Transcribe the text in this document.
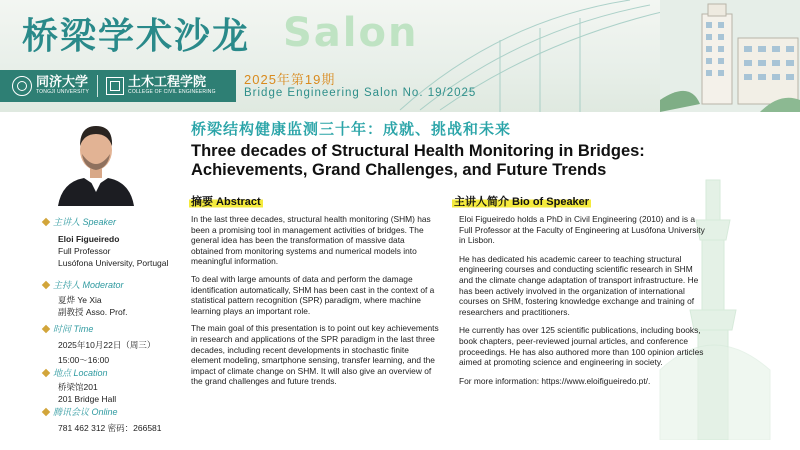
桥梁学术沙龙 Salon
同济大学
TONGJI UNIVERSITY
土木工程学院
COLLEGE OF CIVIL ENGINEERING
2025年第19期
Bridge Engineering Salon No. 19/2025
主讲人 Speaker
Eloi Figueiredo
Full Professor
Lusófona University, Portugal
主持人 Moderator
夏烨 Ye Xia
副教授 Asso. Prof.
时间 Time
2025年10月22日（周三）
15:00～16:00
地点 Location
桥梁馆201
201 Bridge Hall
腾讯会议 Online
781 462 312 密码：266581
桥梁结构健康监测三十年：成就、挑战和未来
Three decades of Structural Health Monitoring in Bridges: Achievements, Grand Challenges, and Future Trends
摘要 Abstract

In the last three decades, structural health monitoring (SHM) has been a promising tool in management activities of bridges. The general idea has been the transformation of massive data obtained from monitoring systems and numerical models into meaningful information.

To deal with large amounts of data and perform the damage identification automatically, SHM has been cast in the context of a statistical pattern recognition (SPR) paradigm, where machine learning plays an important role.

The main goal of this presentation is to point out key achievements in research and applications of the SPR paradigm in the last three decades, including recent developments in stochastic finite element modeling, smartphone sensing, transfer learning, and the impact of climate change on SHM. It will also give an overview of the grand challenges and future trends.

主讲人简介 Bio of Speaker

Eloi Figueiredo holds a PhD in Civil Engineering (2010) and is a Full Professor at the Faculty of Engineering at Lusófona University in Lisbon.

He has dedicated his academic career to teaching structural engineering courses and conducting scientific research in SHM and the climate change adaptation of transport infrastructure. He has been actively involved in the organization of international courses on SHM, fostering knowledge exchange and training of researchers and practitioners.

He currently has over 125 scientific publications, including books, book chapters, peer-reviewed journal articles, and conference proceedings. He has also authored more than 100 opinion articles aimed at promoting science and engineering in society.

For more information: https://www.eloifigueiredo.pt/.
